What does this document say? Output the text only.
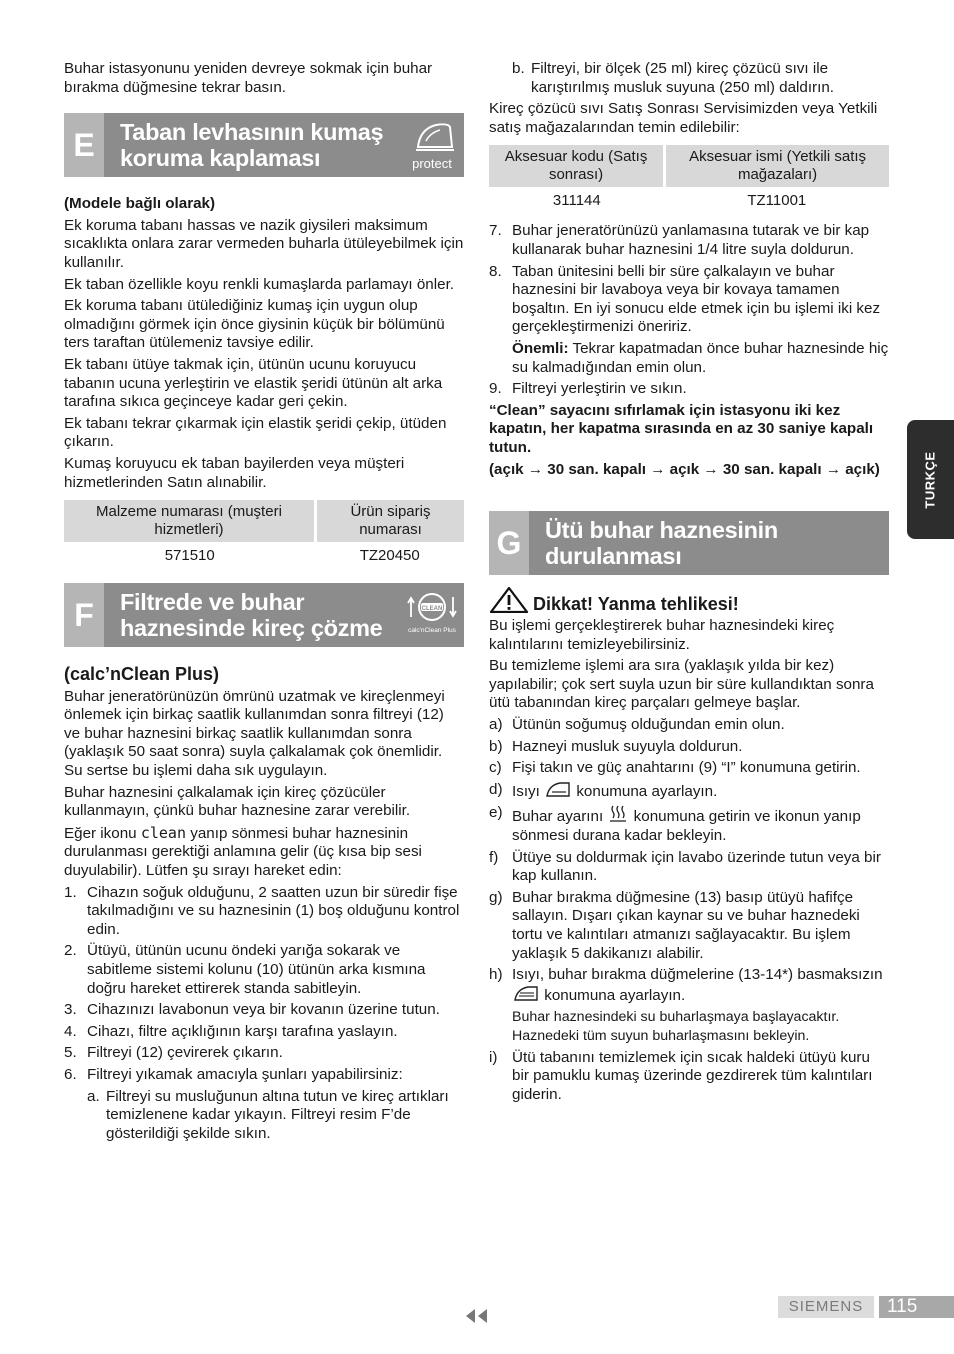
Buhar istasyonunu yeniden devreye sokmak için buhar bırakma düğmesine tekrar basın.

E	Taban levhasının kumaş
koruma kaplaması	protect

(Modele bağlı olarak)

Ek koruma tabanı hassas ve nazik giysileri maksimum sıcaklıkta onlara zarar vermeden buharla ütüleyebilmek için kullanılır.

Ek taban özellikle koyu renkli kumaşlarda parlamayı önler.

Ek koruma tabanı ütülediğiniz kumaş için uygun olup olmadığını görmek için önce giysinin küçük bir bölümünü ters taraftan ütülemeniz tavsiye edilir.

Ek tabanı ütüye takmak için, ütünün ucunu koruyucu tabanın ucuna yerleştirin ve elastik şeridi ütünün alt arka tarafına sıkıca geçinceye kadar geri çekin.

Ek tabanı tekrar çıkarmak için elastik şeridi çekip, ütüden çıkarın.

Kumaş koruyucu ek taban bayilerden veya müşteri hizmetlerinden Satın alınabilir.

Malzeme numarası (muşteri hizmetleri)	Ürün sipariş numarası
571510	TZ20450
F	Filtrede ve buhar
haznesinde kireç çözme
CLEAN
calc'nClean Plus
(calc’nClean Plus)

Buhar jeneratörünüzün ömrünü uzatmak ve kireçlenmeyi önlemek için birkaç saatlik kullanımdan sonra filtreyi (12) ve buhar haznesini birkaç saatlik kullanımdan sonra (yaklaşık 50 saat sonra) suyla çalkalamak çok önemlidir. Su sertse bu işlemi daha sık uygulayın.

Buhar haznesini çalkalamak için kireç çözücüler kullanmayın, çünkü buhar haznesine zarar verebilir.

Eğer ikonu clean yanıp sönmesi buhar haznesinin durulanması gerektiği anlamına gelir (üç kısa bip sesi duyulabilir). Lütfen şu sırayı hareket edin:

1. Cihazın soğuk olduğunu, 2 saatten uzun bir süredir fişe takılmadığını ve su haznesinin (1) boş olduğunu kontrol edin.
2. Ütüyü, ütünün ucunu öndeki yarığa sokarak ve sabitleme sistemi kolunu (10) ütünün arka kısmına doğru hareket ettirerek standa sabitleyin.
3. Cihazınızı lavabonun veya bir kovanın üzerine tutun.
4. Cihazı, filtre açıklığının karşı tarafına yaslayın.
5. Filtreyi (12) çevirerek çıkarın.
6. Filtreyi yıkamak amacıyla şunları yapabilirsiniz:
a. Filtreyi su musluğunun altına tutun ve kireç artıkları temizlenene kadar yıkayın. Filtreyi resim F’de gösterildiği şekilde sıkın.
b. Filtreyi, bir ölçek (25 ml) kireç çözücü sıvı ile karıştırılmış musluk suyuna (250 ml) daldırın.

Kireç çözücü sıvı Satış Sonrası Servisimizden veya Yetkili satış mağazalarından temin edilebilir:

Aksesuar kodu (Satış sonrası)	Aksesuar ismi (Yetkili satış mağazaları)
311144	TZ11001
7. Buhar jeneratörünüzü yanlamasına tutarak ve bir kap kullanarak buhar haznesini 1/4 litre suyla doldurun.
8. Taban ünitesini belli bir süre çalkalayın ve buhar haznesini bir lavaboya veya bir kovaya tamamen boşaltın. En iyi sonucu elde etmek için bu işlemi iki kez gerçekleştirmenizi öneririz.
Önemli: Tekrar kapatmadan önce buhar haznesinde hiç su kalmadığından emin olun.
9. Filtreyi yerleştirin ve sıkın.

“Clean” sayacını sıfırlamak için istasyonu iki kez kapatın, her kapatma sırasında en az 30 saniye kapalı tutun.

(açık → 30 san. kapalı → açık → 30 san. kapalı → açık)

G	Ütü buhar haznesinin
durulanması
Dikkat! Yanma tehlikesi!

Bu işlemi gerçekleştirerek buhar haznesindeki kireç kalıntılarını temizleyebilirsiniz.

Bu temizleme işlemi ara sıra (yaklaşık yılda bir kez) yapılabilir; çok sert suyla uzun bir süre kullandıktan sonra ütü tabanından kireç parçaları gelmeye başlar.

a) Ütünün soğumuş olduğundan emin olun.
b) Hazneyi musluk suyuyla doldurun.
c) Fişi takın ve güç anahtarını (9) “I” konumuna getirin.
d) Isıyı konumuna ayarlayın.
e) Buhar ayarını konumuna getirin ve ikonun yanıp sönmesi durana kadar bekleyin.
f) Ütüye su doldurmak için lavabo üzerinde tutun veya bir kap kullanın.
g) Buhar bırakma düğmesine (13) basıp ütüyü hafifçe sallayın. Dışarı çıkan kaynar su ve buhar haznedeki tortu ve kalıntıları atmanızı sağlayacaktır. Bu işlem yaklaşık 5 dakikanızı alabilir.
h) Isıyı, buhar bırakma düğmelerine (13-14*) basmaksızın  konumuna ayarlayın.
Buhar haznesindeki su buharlaşmaya başlayacaktır. Haznedeki tüm suyun buharlaşmasını bekleyin.
i) Ütü tabanını temizlemek için sıcak haldeki ütüyü kuru bir pamuklu kumaş üzerinde gezdirerek tüm kalıntıları giderin.
TURKÇE
SIEMENS	115
